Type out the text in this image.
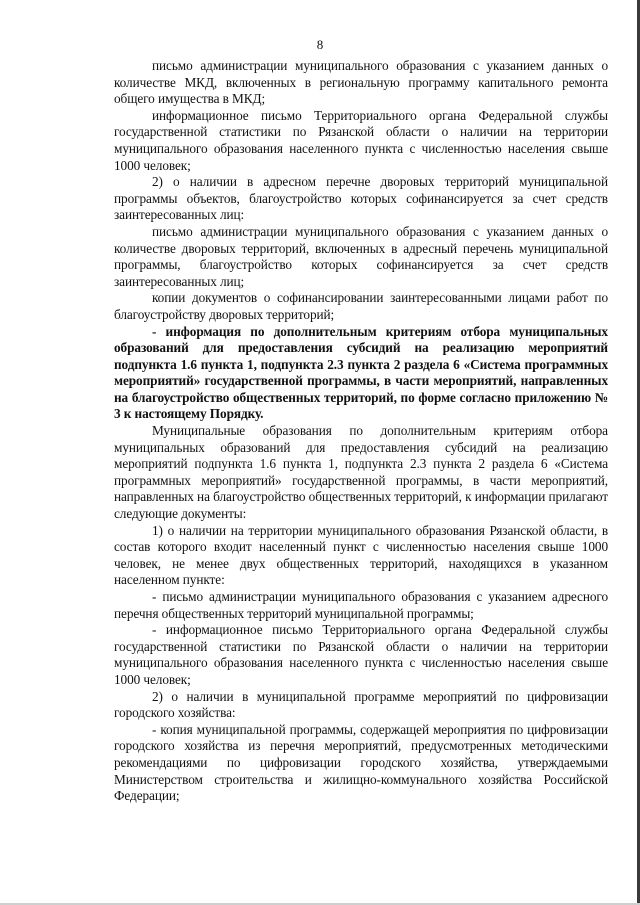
8

письмо администрации муниципального образования с указанием данных о количестве МКД, включенных в региональную программу капитального ремонта общего имущества в МКД;

информационное письмо Территориального органа Федеральной службы государственной статистики по Рязанской области о наличии на территории муниципального образования населенного пункта с численностью населения свыше 1000 человек;

2) о наличии в адресном перечне дворовых территорий муниципальной программы объектов, благоустройство которых софинансируется за счет средств заинтересованных лиц:

письмо администрации муниципального образования с указанием данных о количестве дворовых территорий, включенных в адресный перечень муниципальной программы, благоустройство которых софинансируется за счет средств заинтересованных лиц;

копии документов о софинансировании заинтересованными лицами работ по благоустройству дворовых территорий;

- информация по дополнительным критериям отбора муниципальных образований для предоставления субсидий на реализацию мероприятий подпункта 1.6 пункта 1, подпункта 2.3 пункта 2 раздела 6 «Система программных мероприятий» государственной программы, в части мероприятий, направленных на благоустройство общественных территорий, по форме согласно приложению № 3 к настоящему Порядку.

Муниципальные образования по дополнительным критериям отбора муниципальных образований для предоставления субсидий на реализацию мероприятий подпункта 1.6 пункта 1, подпункта 2.3 пункта 2 раздела 6 «Система программных мероприятий» государственной программы, в части мероприятий, направленных на благоустройство общественных территорий, к информации прилагают следующие документы:

1) о наличии на территории муниципального образования Рязанской области, в состав которого входит населенный пункт с численностью населения свыше 1000 человек, не менее двух общественных территорий, находящихся в указанном населенном пункте:

- письмо администрации муниципального образования с указанием адресного перечня общественных территорий муниципальной программы;

- информационное письмо Территориального органа Федеральной службы государственной статистики по Рязанской области о наличии на территории муниципального образования населенного пункта с численностью населения свыше 1000 человек;

2) о наличии в муниципальной программе мероприятий по цифровизации городского хозяйства:

- копия муниципальной программы, содержащей мероприятия по цифровизации городского хозяйства из перечня мероприятий, предусмотренных методическими рекомендациями по цифровизации городского хозяйства, утверждаемыми Министерством строительства и жилищно-коммунального хозяйства Российской Федерации;
